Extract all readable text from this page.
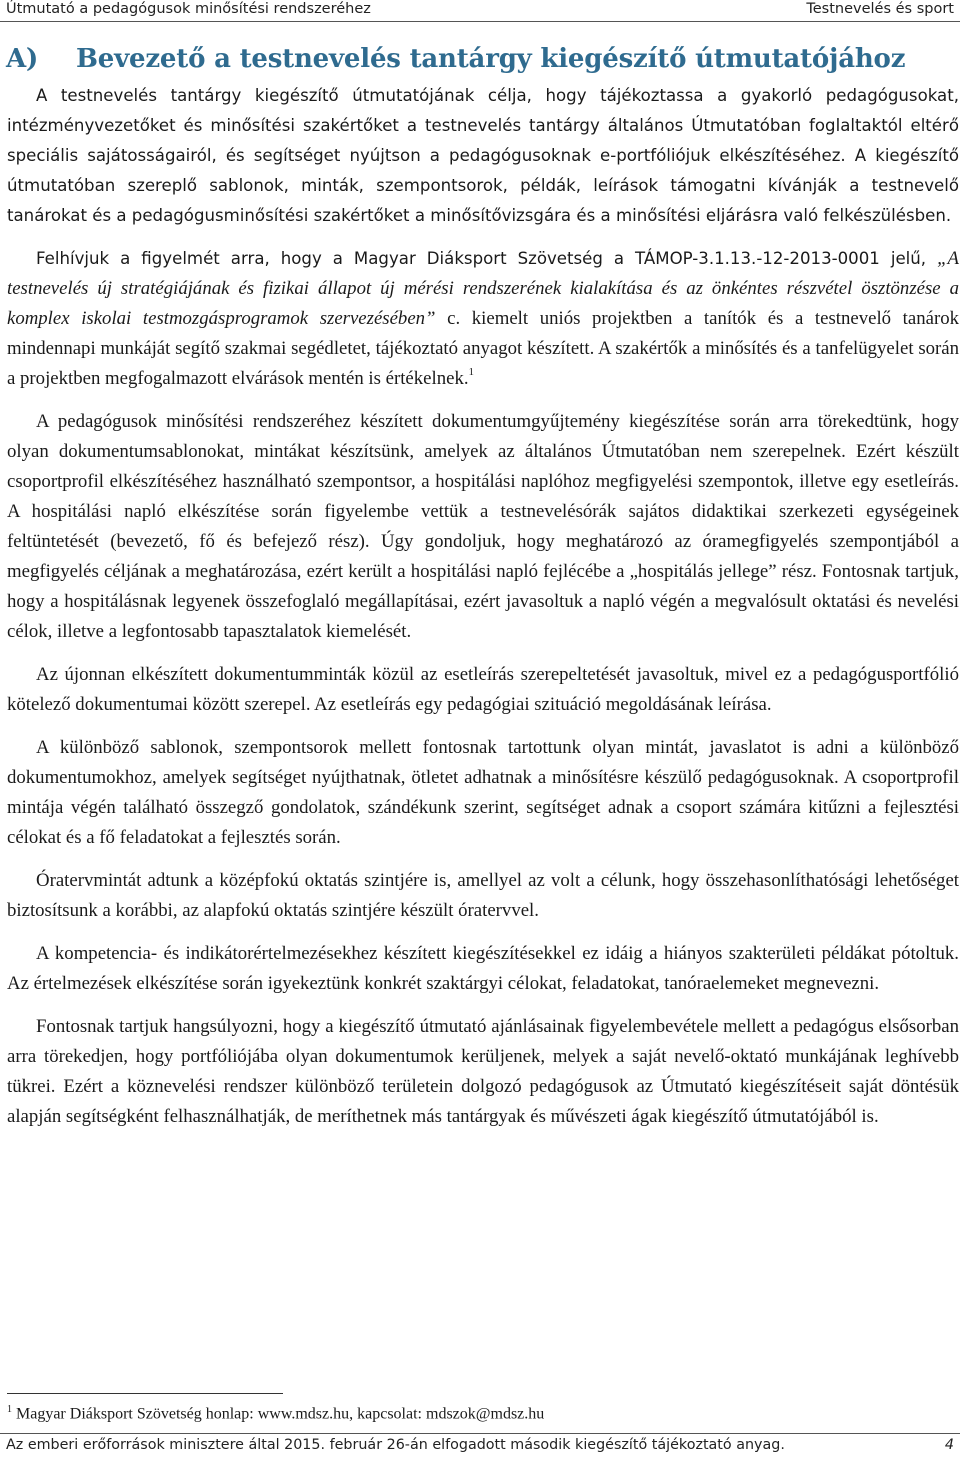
Útmutató a pedagógusok minősítési rendszeréhez	Testnevelés és sport
A) Bevezető a testnevelés tantárgy kiegészítő útmutatójához

A testnevelés tantárgy kiegészítő útmutatójának célja, hogy tájékoztassa a gyakorló pedagógusokat, intézményvezetőket és minősítési szakértőket a testnevelés tantárgy általános Útmutatóban foglaltaktól eltérő speciális sajátosságairól, és segítséget nyújtson a pedagógusoknak e-portfóliójuk elkészítéséhez. A kiegészítő útmutatóban szereplő sablonok, minták, szempontsorok, példák, leírások támogatni kívánják a testnevelő tanárokat és a pedagógusminősítési szakértőket a minősítővizsgára és a minősítési eljárásra való felkészülésben.

Felhívjuk a figyelmét arra, hogy a Magyar Diáksport Szövetség a TÁMOP-3.1.13.-12-2013-0001 jelű, „A testnevelés új stratégiájának és fizikai állapot új mérési rendszerének kialakítása és az önkéntes részvétel ösztönzése a komplex iskolai testmozgásprogramok szervezésében” c. kiemelt uniós projektben a tanítók és a testnevelő tanárok mindennapi munkáját segítő szakmai segédletet, tájékoztató anyagot készített. A szakértők a minősítés és a tanfelügyelet során a projektben megfogalmazott elvárások mentén is értékelnek.$^1$

A pedagógusok minősítési rendszeréhez készített dokumentumgyűjtemény kiegészítése során arra törekedtünk, hogy olyan dokumentumsablonokat, mintákat készítsünk, amelyek az általános Útmutatóban nem szerepelnek. Ezért készült csoportprofil elkészítéséhez használható szempontsor, a hospitálási naplóhoz megfigyelési szempontok, illetve egy esetleírás. A hospitálási napló elkészítése során figyelembe vettük a testnevelésórák sajátos didaktikai szerkezeti egységeinek feltüntetését (bevezető, fő és befejező rész). Úgy gondoljuk, hogy meghatározó az óramegfigyelés szempontjából a megfigyelés céljának a meghatározása, ezért került a hospitálási napló fejlécébe a „hospitálás jellege” rész. Fontosnak tartjuk, hogy a hospitálásnak legyenek összefoglaló megállapításai, ezért javasoltuk a napló végén a megvalósult oktatási és nevelési célok, illetve a legfontosabb tapasztalatok kiemelését.

Az újonnan elkészített dokumentumminták közül az esetleírás szerepeltetését javasoltuk, mivel ez a pedagógusportfólió kötelező dokumentumai között szerepel. Az esetleírás egy pedagógiai szituáció megoldásának leírása.

A különböző sablonok, szempontsorok mellett fontosnak tartottunk olyan mintát, javaslatot is adni a különböző dokumentumokhoz, amelyek segítséget nyújthatnak, ötletet adhatnak a minősítésre készülő pedagógusoknak. A csoportprofil mintája végén található összegző gondolatok, szándékunk szerint, segítséget adnak a csoport számára kitűzni a fejlesztési célokat és a fő feladatokat a fejlesztés során.

Óratervmintát adtunk a középfokú oktatás szintjére is, amellyel az volt a célunk, hogy összehasonlíthatósági lehetőséget biztosítsunk a korábbi, az alapfokú oktatás szintjére készült óratervvel.

A kompetencia- és indikátorértelmezésekhez készített kiegészítésekkel ez idáig a hiányos szakterületi példákat pótoltuk. Az értelmezések elkészítése során igyekeztünk konkrét szaktárgyi célokat, feladatokat, tanóraelemeket megnevezni.

Fontosnak tartjuk hangsúlyozni, hogy a kiegészítő útmutató ajánlásainak figyelembevétele mellett a pedagógus elsősorban arra törekedjen, hogy portfóliójába olyan dokumentumok kerüljenek, melyek a saját nevelő-oktató munkájának leghívebb tükrei. Ezért a köznevelési rendszer különböző területein dolgozó pedagógusok az Útmutató kiegészítéseit saját döntésük alapján segítségként felhasználhatják, de meríthetnek más tantárgyak és művészeti ágak kiegészítő útmutatójából is.

$^1$ Magyar Diáksport Szövetség honlap: www.mdsz.hu, kapcsolat: mdszok@mdsz.hu
Az emberi erőforrások minisztere által 2015. február 26-án elfogadott második kiegészítő tájékoztató anyag.	4
